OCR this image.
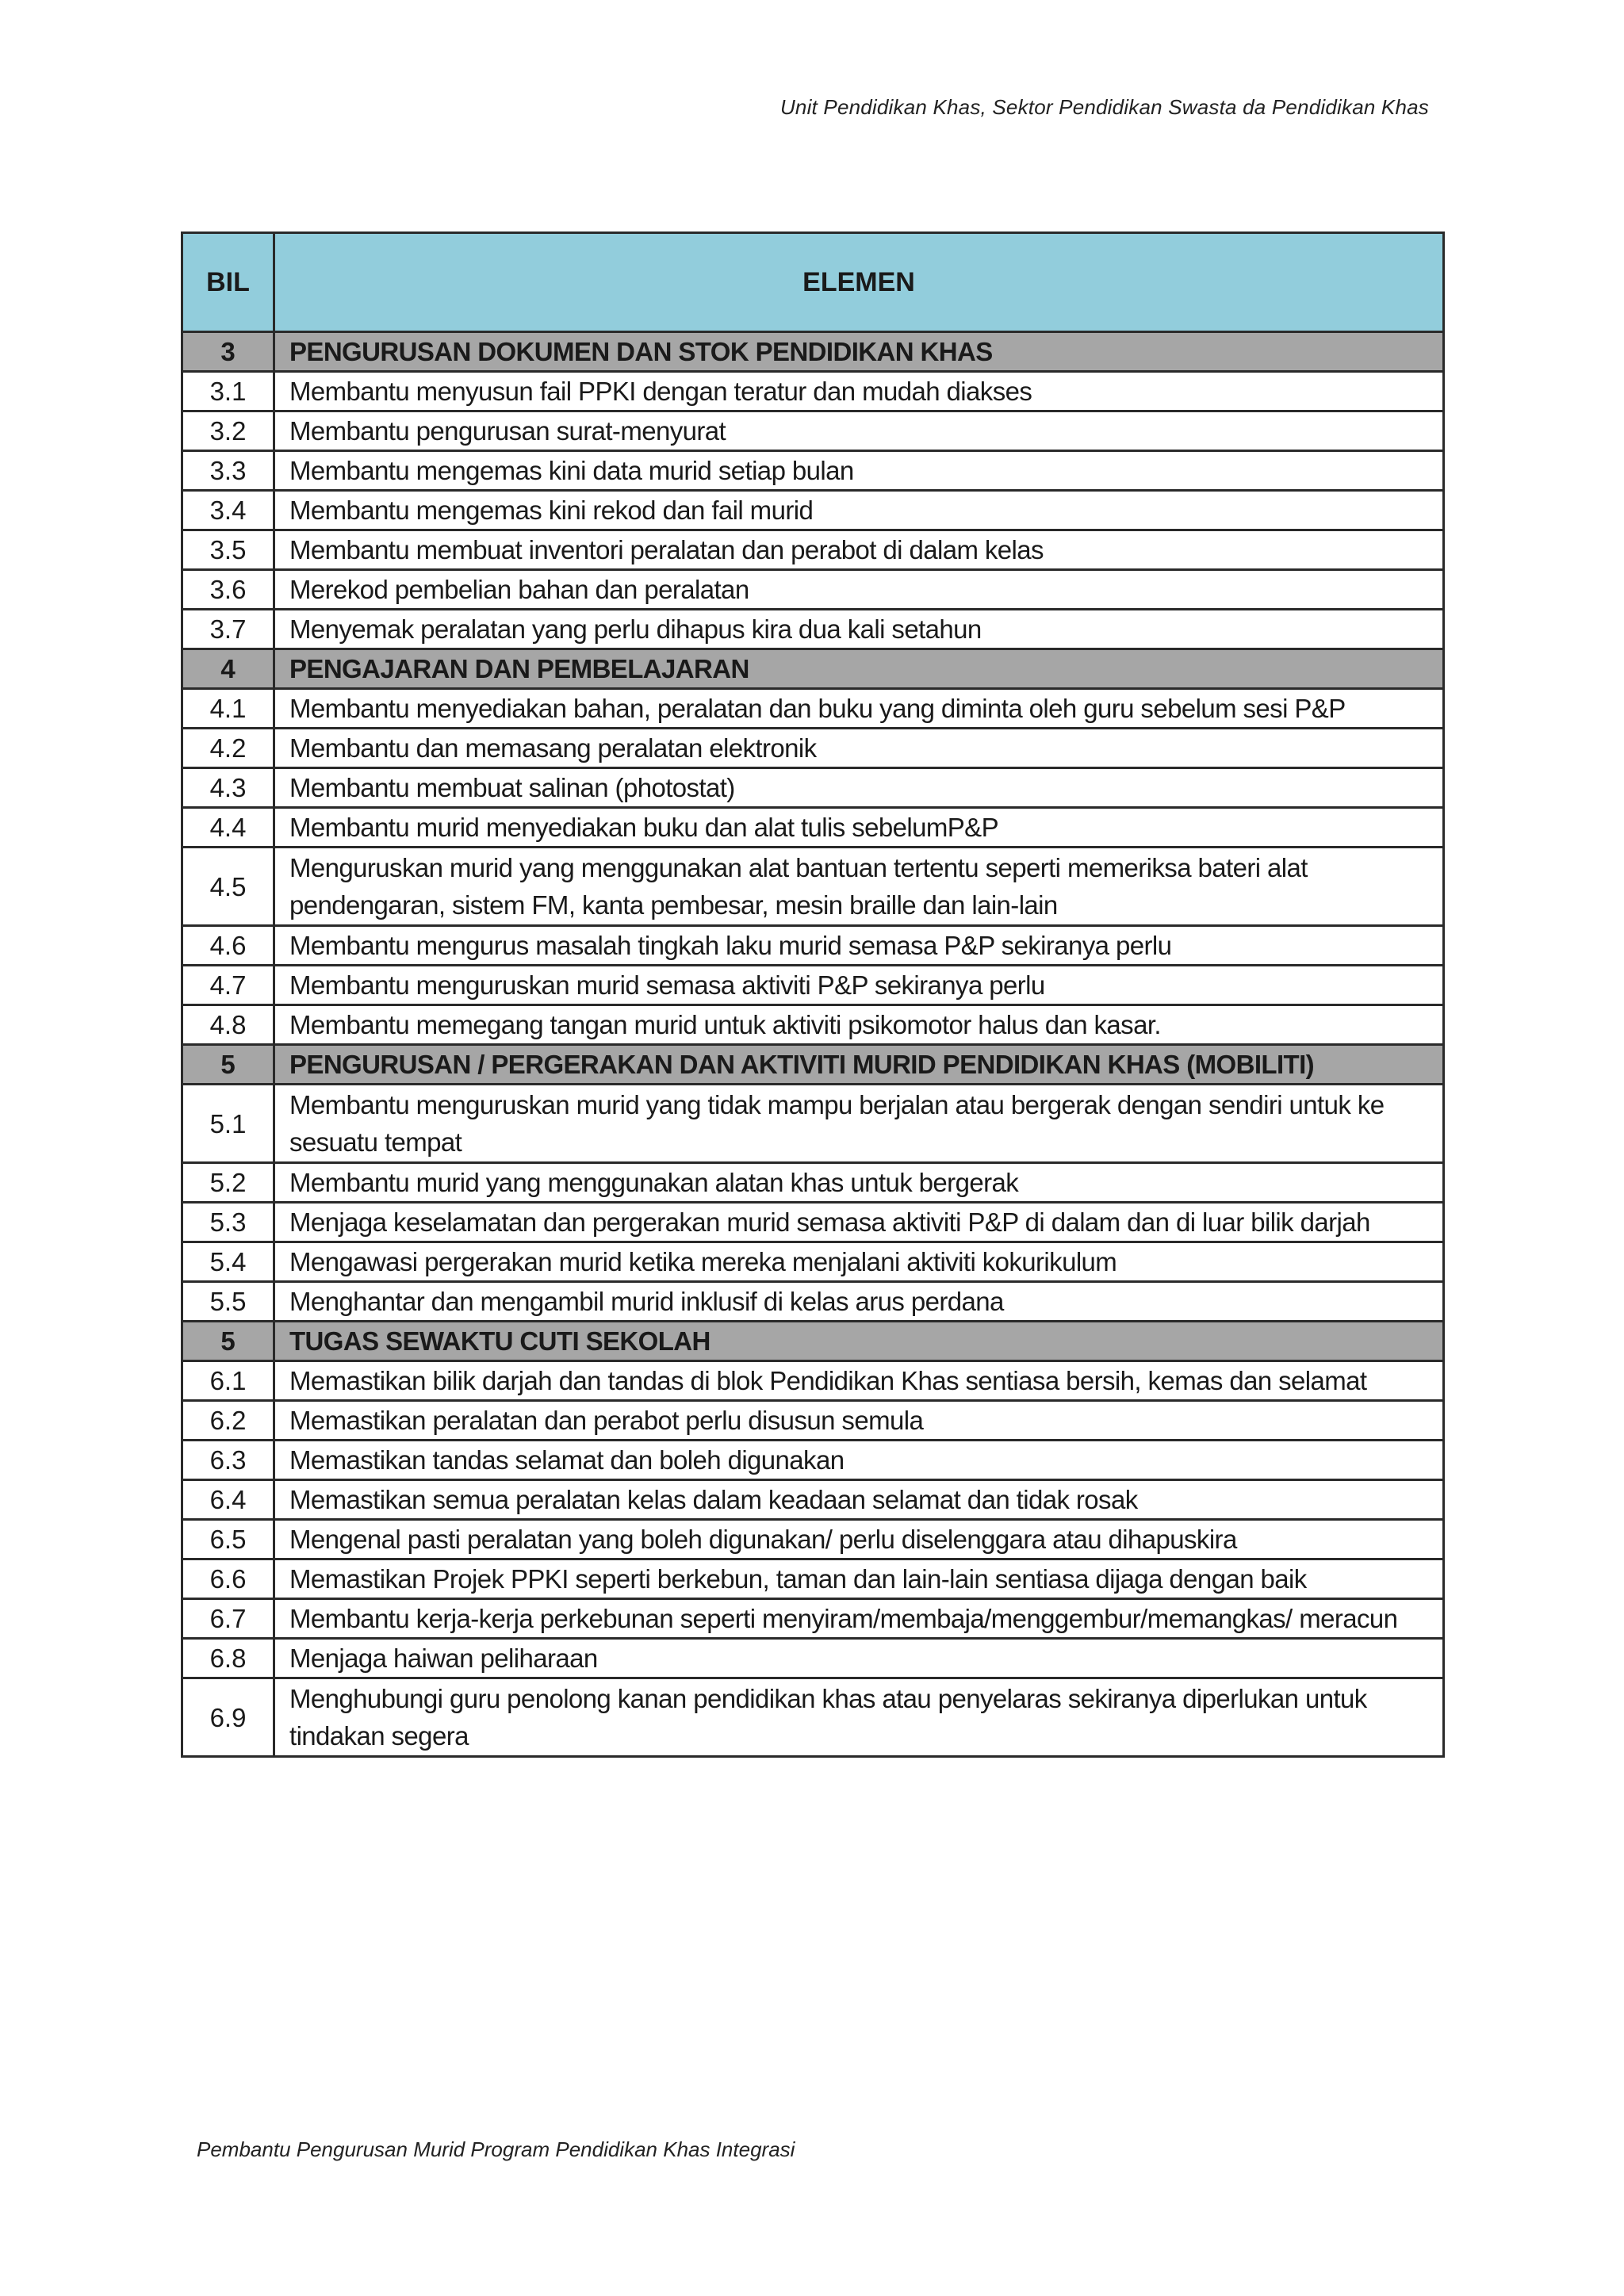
Unit Pendidikan Khas, Sektor Pendidikan Swasta da Pendidikan Khas
BIL	ELEMEN
3	PENGURUSAN DOKUMEN DAN STOK PENDIDIKAN KHAS
3.1	Membantu menyusun fail PPKI dengan teratur dan mudah diakses
3.2	Membantu pengurusan surat-menyurat
3.3	Membantu mengemas kini data murid setiap bulan
3.4	Membantu mengemas kini rekod dan fail murid
3.5	Membantu membuat inventori peralatan dan perabot di dalam kelas
3.6	Merekod pembelian bahan dan peralatan
3.7	Menyemak peralatan yang perlu dihapus kira dua kali setahun
4	PENGAJARAN DAN PEMBELAJARAN
4.1	Membantu menyediakan bahan, peralatan dan buku yang diminta oleh guru sebelum sesi P&P
4.2	Membantu dan memasang peralatan elektronik
4.3	Membantu membuat salinan (photostat)
4.4	Membantu murid menyediakan buku dan alat tulis sebelumP&P
4.5	Menguruskan murid yang menggunakan alat bantuan tertentu seperti memeriksa bateri alat pendengaran, sistem FM, kanta pembesar, mesin braille dan lain-lain
4.6	Membantu mengurus masalah tingkah laku murid semasa P&P sekiranya perlu
4.7	Membantu menguruskan murid semasa aktiviti P&P sekiranya perlu
4.8	Membantu memegang tangan murid untuk aktiviti psikomotor halus dan kasar.
5	PENGURUSAN / PERGERAKAN DAN AKTIVITI MURID PENDIDIKAN KHAS (MOBILITI)
5.1	Membantu menguruskan murid yang tidak mampu berjalan atau bergerak dengan sendiri untuk ke sesuatu tempat
5.2	Membantu murid yang menggunakan alatan khas untuk bergerak
5.3	Menjaga keselamatan dan pergerakan murid semasa aktiviti P&P di dalam dan di luar bilik darjah
5.4	Mengawasi pergerakan murid ketika mereka menjalani aktiviti kokurikulum
5.5	Menghantar dan mengambil murid inklusif di kelas arus perdana
5	TUGAS SEWAKTU CUTI SEKOLAH
6.1	Memastikan bilik darjah dan tandas di blok Pendidikan Khas sentiasa bersih, kemas dan selamat
6.2	Memastikan peralatan dan perabot perlu disusun semula
6.3	Memastikan tandas selamat dan boleh digunakan
6.4	Memastikan semua peralatan kelas dalam keadaan selamat dan tidak rosak
6.5	Mengenal pasti peralatan yang boleh digunakan/ perlu diselenggara atau dihapuskira
6.6	Memastikan Projek PPKI seperti berkebun, taman dan lain-lain sentiasa dijaga dengan baik
6.7	Membantu kerja-kerja perkebunan seperti menyiram/membaja/menggembur/memangkas/ meracun
6.8	Menjaga haiwan peliharaan
6.9	Menghubungi guru penolong kanan pendidikan khas atau penyelaras sekiranya diperlukan untuk tindakan segera
Pembantu Pengurusan Murid Program Pendidikan Khas Integrasi
